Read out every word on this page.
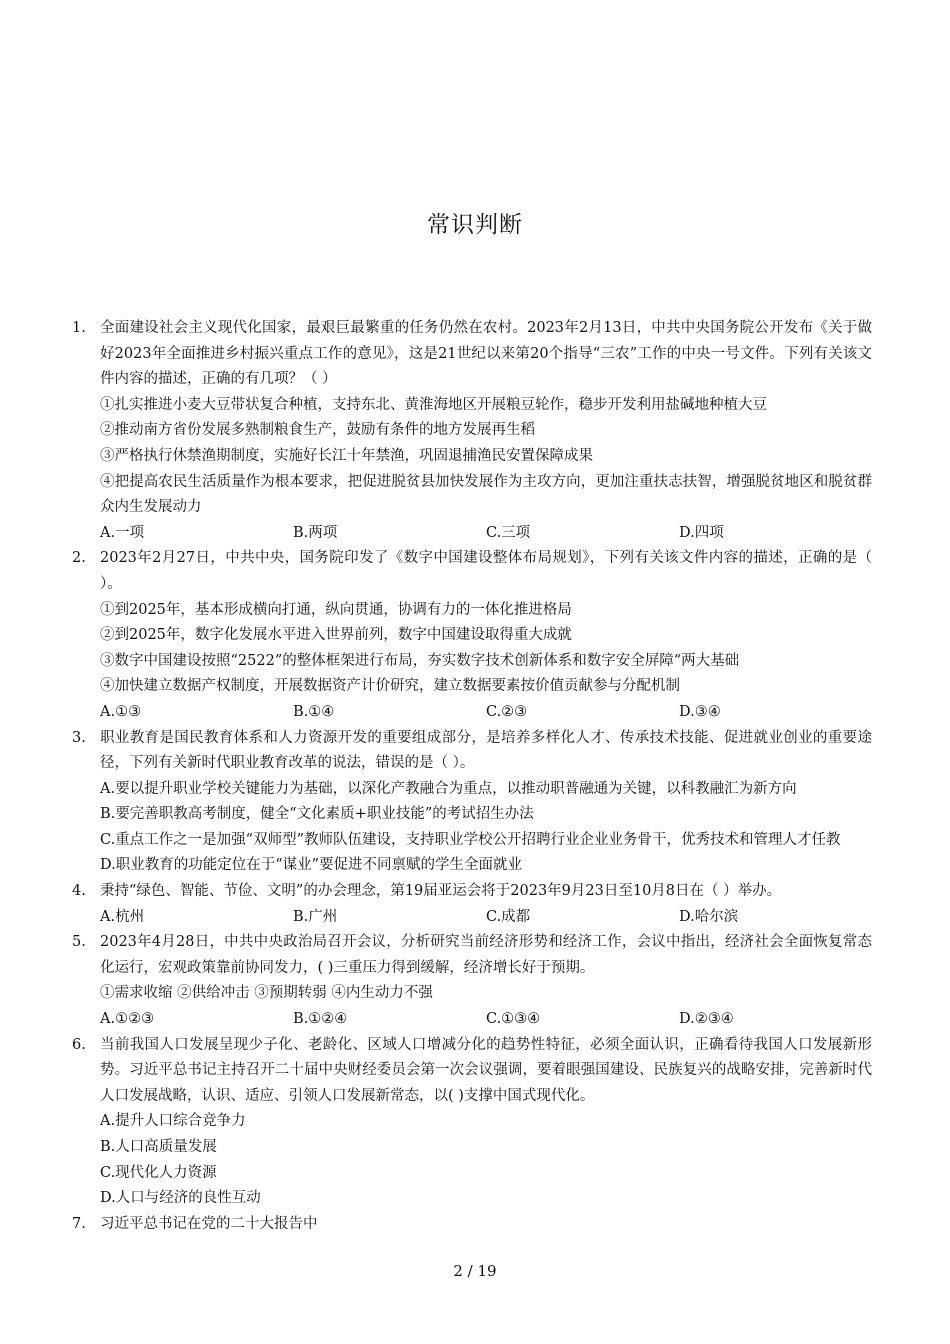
常识判断
1. 全面建设社会主义现代化国家，最艰巨最繁重的任务仍然在农村。2023年2月13日，中共中央国务院公开发布《关于做好2023年全面推进乡村振兴重点工作的意见》，这是21世纪以来第20个指导“三农”工作的中央一号文件。下列有关该文件内容的描述，正确的有几项？（ ）
①扎实推进小麦大豆带状复合种植，支持东北、黄淮海地区开展粮豆轮作，稳步开发利用盐碱地种植大豆
②推动南方省份发展多熟制粮食生产，鼓励有条件的地方发展再生稻
③严格执行休禁渔期制度，实施好长江十年禁渔，巩固退捕渔民安置保障成果
④把提高农民生活质量作为根本要求，把促进脱贫县加快发展作为主攻方向，更加注重扶志扶智，增强脱贫地区和脱贫群众内生发展动力
A.一项	B.两项	C.三项	D.四项
2. 2023年2月27日，中共中央，国务院印发了《数字中国建设整体布局规划》，下列有关该文件内容的描述，正确的是（ ）。
①到2025年，基本形成横向打通，纵向贯通，协调有力的一体化推进格局
②到2025年，数字化发展水平进入世界前列，数字中国建设取得重大成就
③数字中国建设按照“2522”的整体框架进行布局，夯实数字技术创新体系和数字安全屏障“两大基础
④加快建立数据产权制度，开展数据资产计价研究，建立数据要素按价值贡献参与分配机制
A.①③	B.①④	C.②③	D.③④
3. 职业教育是国民教育体系和人力资源开发的重要组成部分，是培养多样化人才、传承技术技能、促进就业创业的重要途径，下列有关新时代职业教育改革的说法，错误的是（ ）。
A.要以提升职业学校关键能力为基础，以深化产教融合为重点，以推动职普融通为关键，以科教融汇为新方向
B.要完善职教高考制度，健全“文化素质+职业技能”的考试招生办法
C.重点工作之一是加强“双师型”教师队伍建设，支持职业学校公开招聘行业企业业务骨干，优秀技术和管理人才任教
D.职业教育的功能定位在于“谋业”要促进不同禀赋的学生全面就业
4. 秉持“绿色、智能、节俭、文明”的办会理念，第19届亚运会将于2023年9月23日至10月8日在（ ）举办。
A.杭州	B.广州	C.成都	D.哈尔滨
5. 2023年4月28日，中共中央政治局召开会议，分析研究当前经济形势和经济工作，会议中指出，经济社会全面恢复常态化运行，宏观政策靠前协同发力，( )三重压力得到缓解，经济增长好于预期。
①需求收缩 ②供给冲击 ③预期转弱 ④内生动力不强
A.①②③	B.①②④	C.①③④	D.②③④
6. 当前我国人口发展呈现少子化、老龄化、区域人口增减分化的趋势性特征，必须全面认识，正确看待我国人口发展新形势。习近平总书记主持召开二十届中央财经委员会第一次会议强调，要着眼强国建设、民族复兴的战略安排，完善新时代人口发展战略，认识、适应、引领人口发展新常态，以( )支撑中国式现代化。
A.提升人口综合竞争力
B.人口高质量发展
C.现代化人力资源
D.人口与经济的良性互动
7. 习近平总书记在党的二十大报告中
2 / 19
